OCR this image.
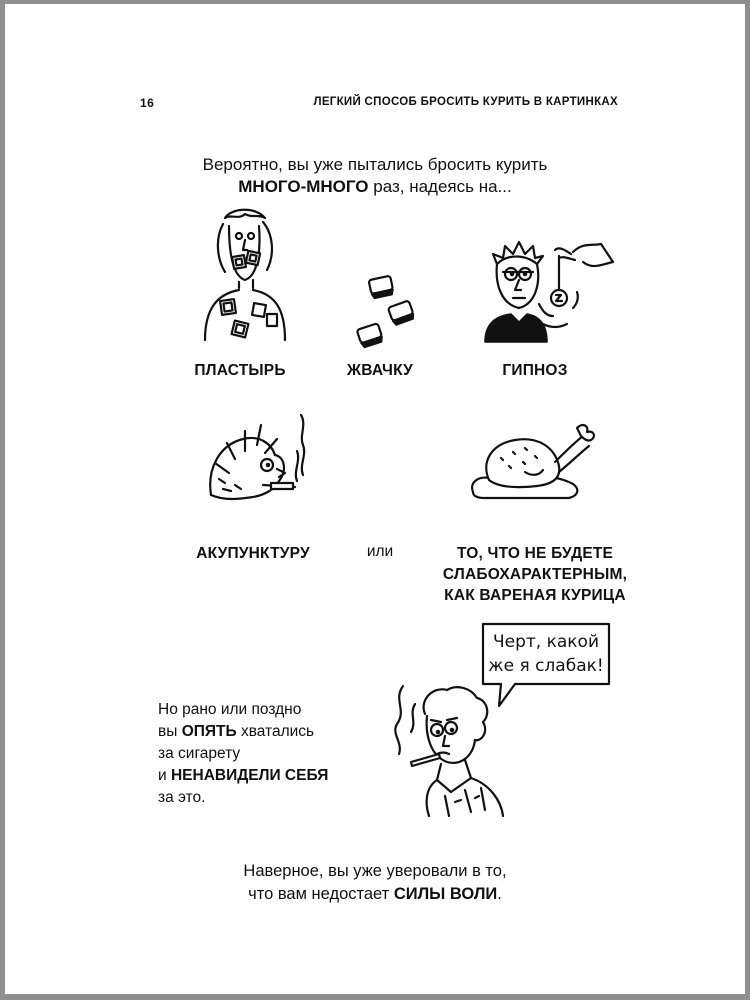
16	ЛЕГКИЙ СПОСОБ БРОСИТЬ КУРИТЬ В КАРТИНКАХ
Вероятно, вы уже пытались бросить курить
МНОГО-МНОГО раз, надеясь на...
ПЛАСТЫРЬ	ЖВАЧКУ	ГИПНОЗ
АКУПУНКТУРУ	или	ТО, ЧТО НЕ БУДЕТЕ
СЛАБОХАРАКТЕРНЫМ,
КАК ВАРЕНАЯ КУРИЦА
Черт, какой
же я слабак!
Но рано или поздно
вы ОПЯТЬ хватались
за сигарету
и НЕНАВИДЕЛИ СЕБЯ
за это.
Наверное, вы уже уверовали в то,
что вам недостает СИЛЫ ВОЛИ.
